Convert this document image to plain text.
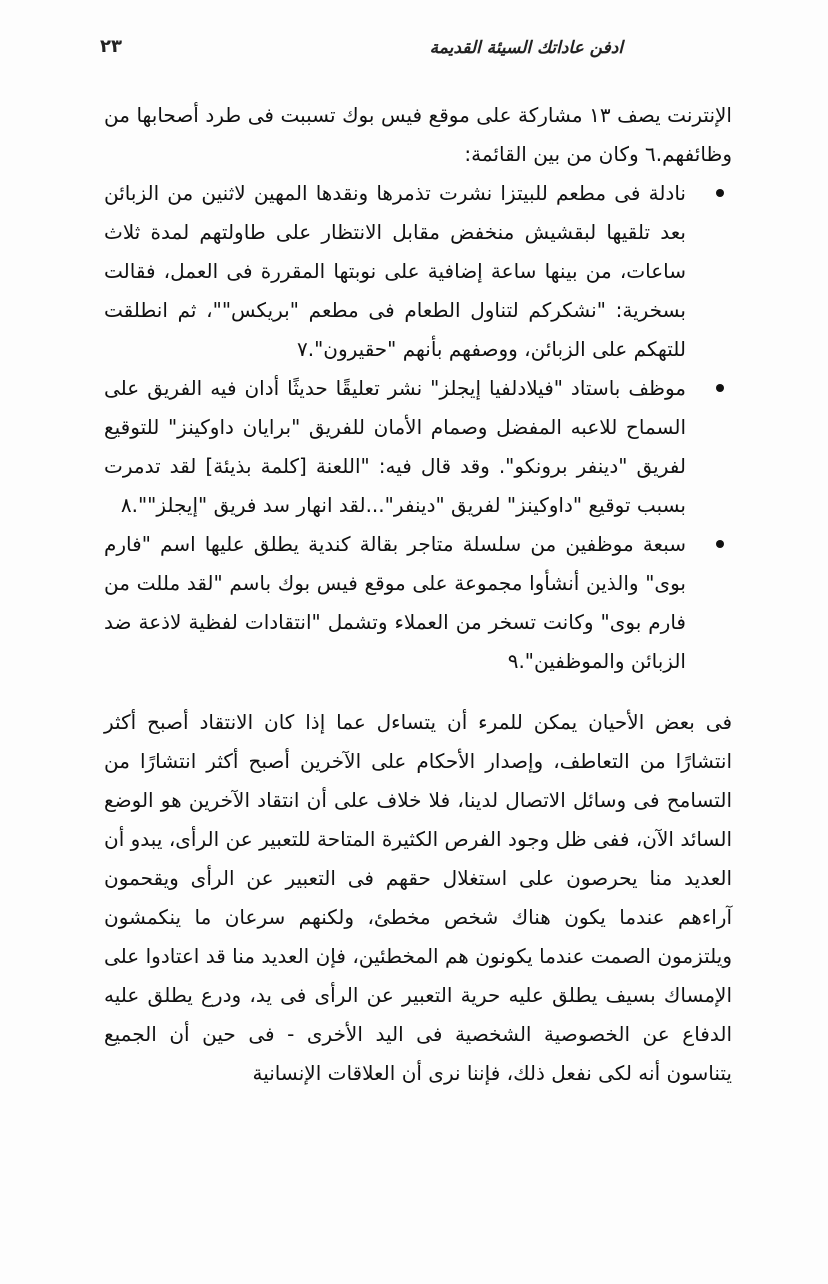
ادفن عاداتك السيئة القديمة
٢٣

الإنترنت يصف ١٣ مشاركة على موقع فيس بوك تسببت فى طرد أصحابها من وظائفهم.٦ وكان من بين القائمة:

نادلة فى مطعم للبيتزا نشرت تذمرها ونقدها المهين لاثنين من الزبائن بعد تلقيها لبقشيش منخفض مقابل الانتظار على طاولتهم لمدة ثلاث ساعات، من بينها ساعة إضافية على نوبتها المقررة فى العمل، فقالت بسخرية: "نشكركم لتناول الطعام فى مطعم "بريكس""، ثم انطلقت للتهكم على الزبائن، ووصفهم بأنهم "حقيرون".٧
موظف باستاد "فيلادلفيا إيجلز" نشر تعليقًا حديثًا أدان فيه الفريق على السماح للاعبه المفضل وصمام الأمان للفريق "برايان داوكينز" للتوقيع لفريق "دينفر برونكو". وقد قال فيه: "اللعنة [كلمة بذيئة] لقد تدمرت بسبب توقيع "داوكينز" لفريق "دينفر"...لقد انهار سد فريق "إيجلز"".٨
سبعة موظفين من سلسلة متاجر بقالة كندية يطلق عليها اسم "فارم بوى" والذين أنشأوا مجموعة على موقع فيس بوك باسم "لقد مللت من فارم بوى" وكانت تسخر من العملاء وتشمل "انتقادات لفظية لاذعة ضد الزبائن والموظفين".٩

فى بعض الأحيان يمكن للمرء أن يتساءل عما إذا كان الانتقاد أصبح أكثر انتشارًا من التعاطف، وإصدار الأحكام على الآخرين أصبح أكثر انتشارًا من التسامح فى وسائل الاتصال لدينا، فلا خلاف على أن انتقاد الآخرين هو الوضع السائد الآن، ففى ظل وجود الفرص الكثيرة المتاحة للتعبير عن الرأى، يبدو أن العديد منا يحرصون على استغلال حقهم فى التعبير عن الرأى ويقحمون آراءهم عندما يكون هناك شخص مخطئ، ولكنهم سرعان ما ينكمشون ويلتزمون الصمت عندما يكونون هم المخطئين، فإن العديد منا قد اعتادوا على الإمساك بسيف يطلق عليه حرية التعبير عن الرأى فى يد، ودرع يطلق عليه الدفاع عن الخصوصية الشخصية فى اليد الأخرى - فى حين أن الجميع يتناسون أنه لكى نفعل ذلك، فإننا نرى أن العلاقات الإنسانية
